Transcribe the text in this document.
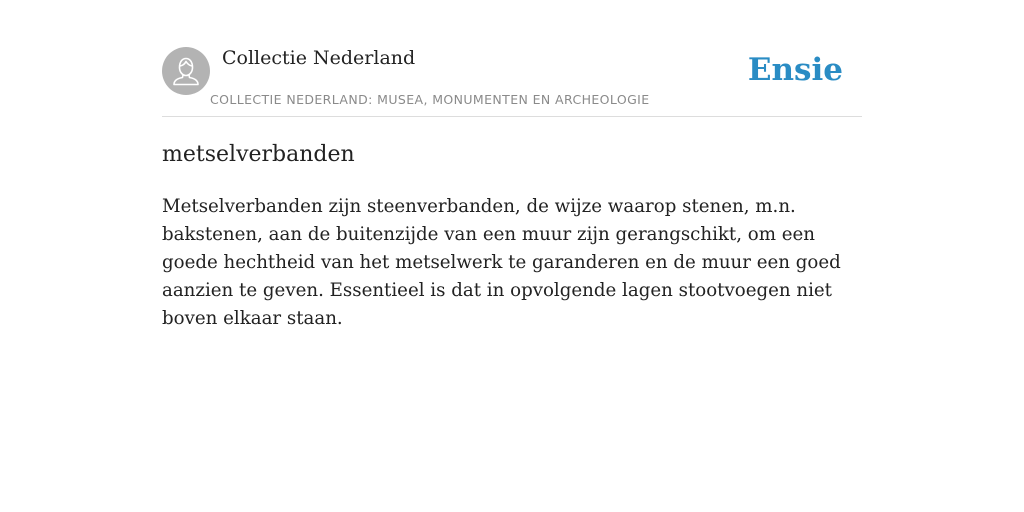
Collectie Nederland
COLLECTIE NEDERLAND: MUSEA, MONUMENTEN EN ARCHEOLOGIE
Ensie
metselverbanden

Metselverbanden zijn steenverbanden, de wijze waarop stenen, m.n. bakstenen, aan de buitenzijde van een muur zijn gerangschikt, om een goede hechtheid van het metselwerk te garanderen en de muur een goed aanzien te geven. Essentieel is dat in opvolgende lagen stootvoegen niet boven elkaar staan.
